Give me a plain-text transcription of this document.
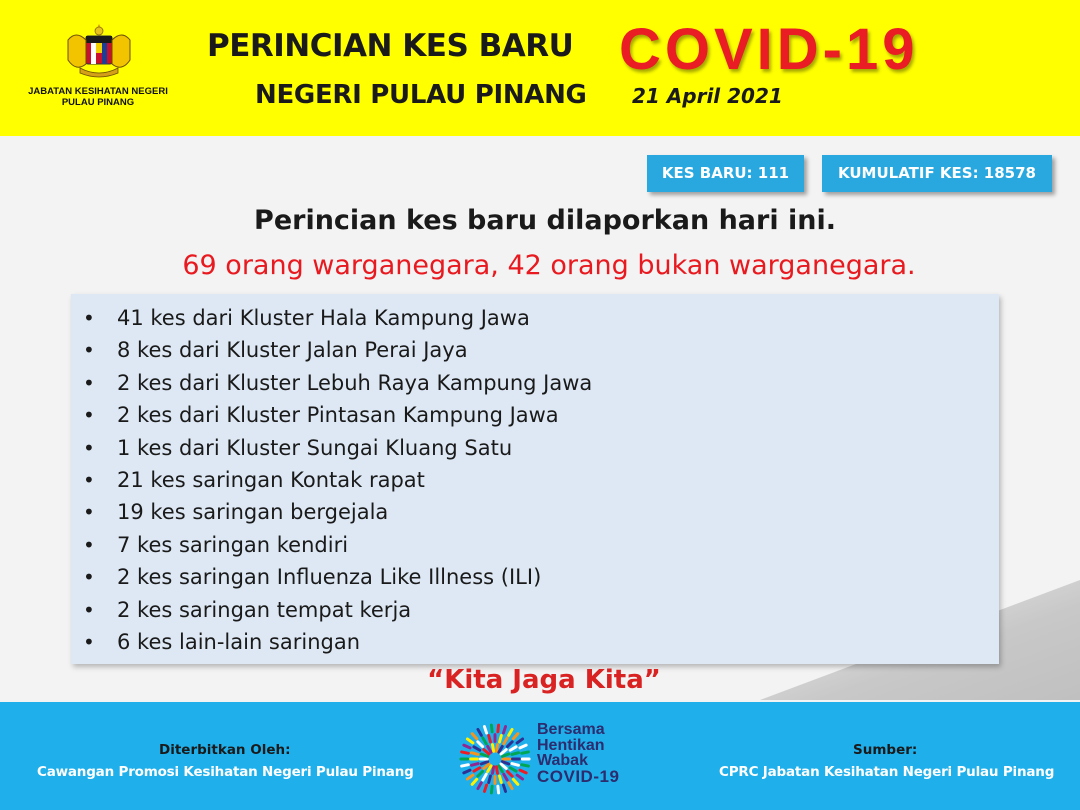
JABATAN KESIHATAN NEGERI
PULAU PINANG
PERINCIAN KES BARU
NEGERI PULAU PINANG
COVID-19
21 April 2021
KES BARU: 111	KUMULATIF KES: 18578
Perincian kes baru dilaporkan hari ini.
69 orang warganegara, 42 orang bukan warganegara.
• 41 kes dari Kluster Hala Kampung Jawa
• 8 kes dari Kluster Jalan Perai Jaya
• 2 kes dari Kluster Lebuh Raya Kampung Jawa
• 2 kes dari Kluster Pintasan Kampung Jawa
• 1 kes dari Kluster Sungai Kluang Satu
• 21 kes saringan Kontak rapat
• 19 kes saringan bergejala
• 7 kes saringan kendiri
• 2 kes saringan Influenza Like Illness (ILI)
• 2 kes saringan tempat kerja
• 6 kes lain-lain saringan
“Kita Jaga Kita”
Diterbitkan Oleh:
Cawangan Promosi Kesihatan Negeri Pulau Pinang
Bersama
Hentikan
Wabak
COVID-19
Sumber:
CPRC Jabatan Kesihatan Negeri Pulau Pinang
